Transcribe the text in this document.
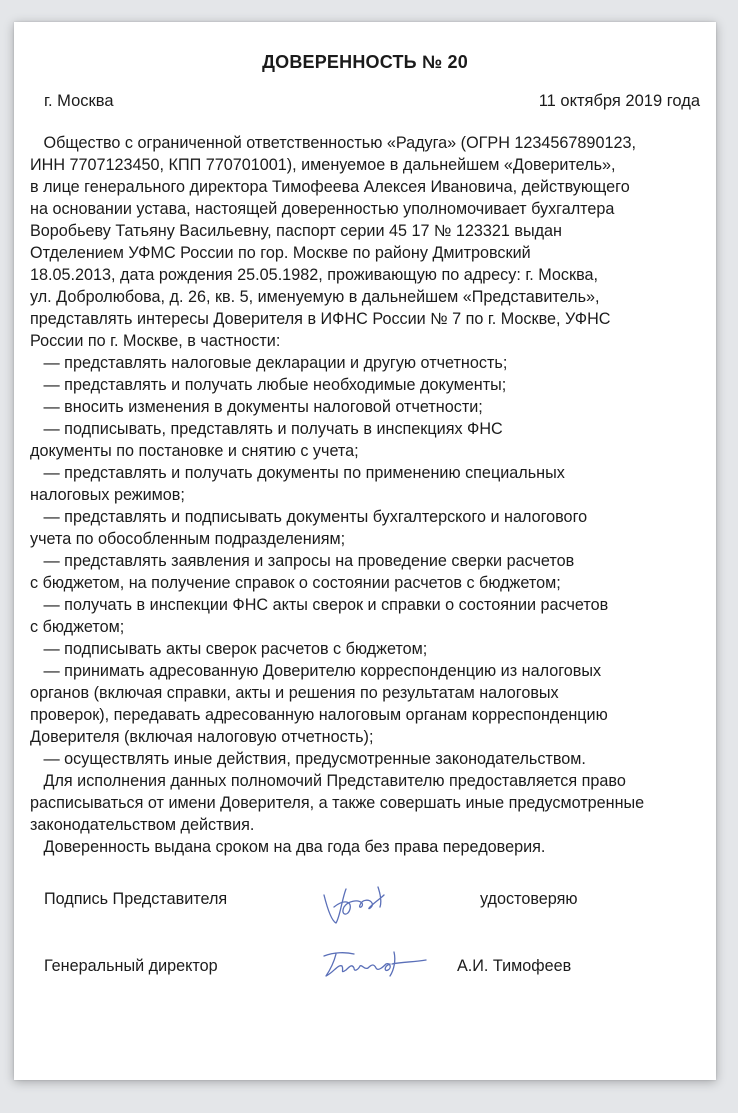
ДОВЕРЕННОСТЬ № 20
г. Москва	11 октября 2019 года
Общество с ограниченной ответственностью «Радуга» (ОГРН 1234567890123,
ИНН 7707123450, КПП 770701001), именуемое в дальнейшем «Доверитель»,
в лице генерального директора Тимофеева Алексея Ивановича, действующего
на основании устава, настоящей доверенностью уполномочивает бухгалтера
Воробьеву Татьяну Васильевну, паспорт серии 45 17 № 123321 выдан
Отделением УФМС России по гор. Москве по району Дмитровский
18.05.2013, дата рождения 25.05.1982, проживающую по адресу: г. Москва,
ул. Добролюбова, д. 26, кв. 5, именуемую в дальнейшем «Представитель»,
представлять интересы Доверителя в ИФНС России № 7 по г. Москве, УФНС
России по г. Москве, в частности:
— представлять налоговые декларации и другую отчетность;
— представлять и получать любые необходимые документы;
— вносить изменения в документы налоговой отчетности;
— подписывать, представлять и получать в инспекциях ФНС
документы по постановке и снятию с учета;
— представлять и получать документы по применению специальных
налоговых режимов;
— представлять и подписывать документы бухгалтерского и налогового
учета по обособленным подразделениям;
— представлять заявления и запросы на проведение сверки расчетов
с бюджетом, на получение справок о состоянии расчетов с бюджетом;
— получать в инспекции ФНС акты сверок и справки о состоянии расчетов
с бюджетом;
— подписывать акты сверок расчетов с бюджетом;
— принимать адресованную Доверителю корреспонденцию из налоговых
органов (включая справки, акты и решения по результатам налоговых
проверок), передавать адресованную налоговым органам корреспонденцию
Доверителя (включая налоговую отчетность);
— осуществлять иные действия, предусмотренные законодательством.
Для исполнения данных полномочий Представителю предоставляется право
расписываться от имени Доверителя, а также совершать иные предусмотренные
законодательством действия.
Доверенность выдана сроком на два года без права передоверия.
Подпись Представителя	удостоверяю
Генеральный директор	А.И. Тимофеев
